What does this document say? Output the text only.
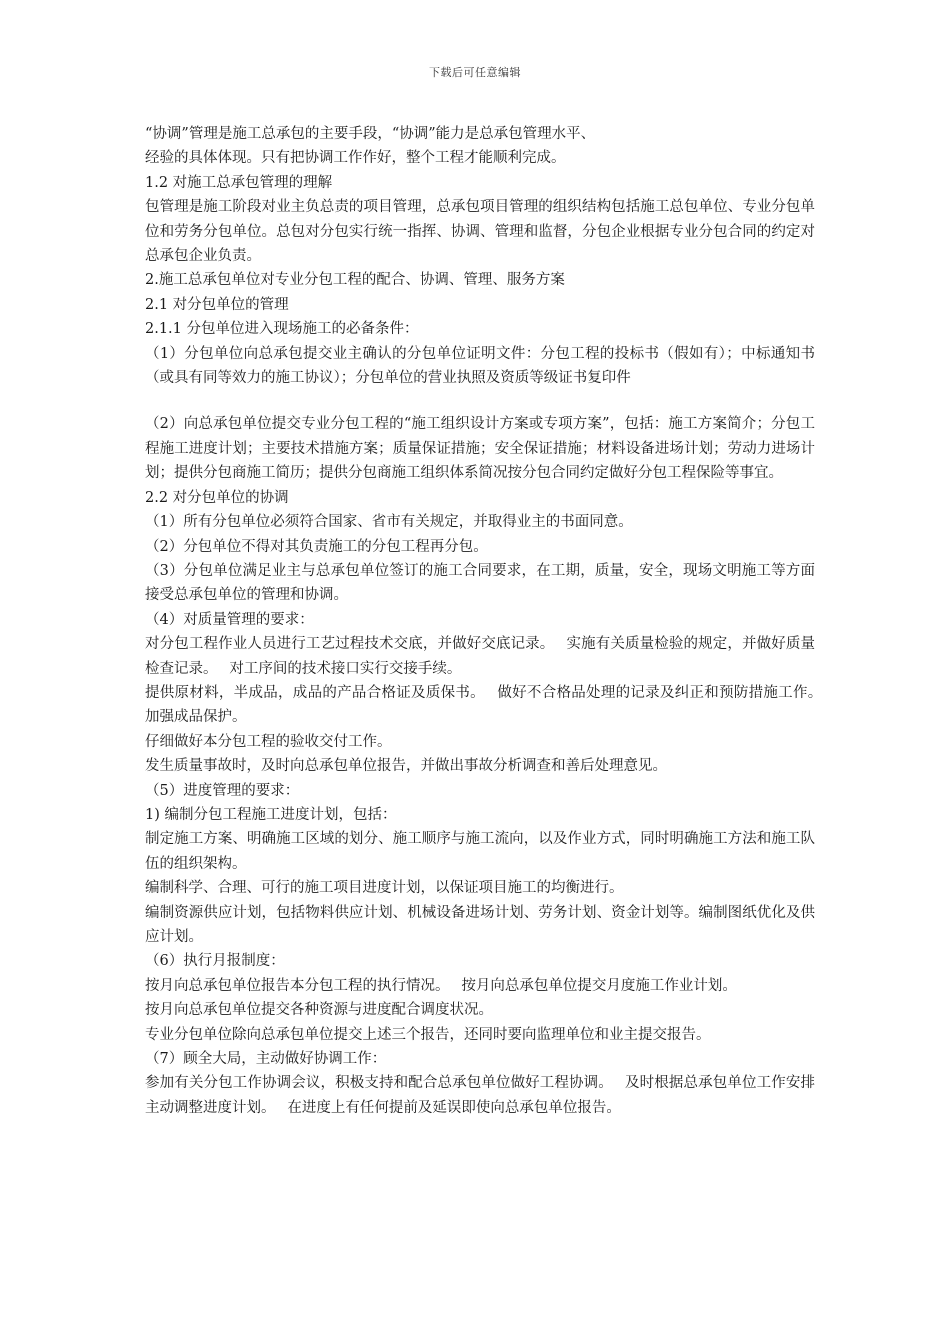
下载后可任意编辑

“协调”管理是施工总承包的主要手段，“协调”能力是总承包管理水平、

经验的具体体现。只有把协调工作作好，整个工程才能顺利完成。

1.2 对施工总承包管理的理解

包管理是施工阶段对业主负总责的项目管理，总承包项目管理的组织结构包括施工总包单位、专业分包单位和劳务分包单位。总包对分包实行统一指挥、协调、管理和监督，分包企业根据专业分包合同的约定对总承包企业负责。

2.施工总承包单位对专业分包工程的配合、协调、管理、服务方案

2.1 对分包单位的管理

2.1.1 分包单位进入现场施工的必备条件：

（1）分包单位向总承包提交业主确认的分包单位证明文件：分包工程的投标书（假如有）；中标通知书（或具有同等效力的施工协议）；分包单位的营业执照及资质等级证书复印件

（2）向总承包单位提交专业分包工程的“施工组织设计方案或专项方案”，包括：施工方案简介；分包工程施工进度计划；主要技术措施方案；质量保证措施；安全保证措施；材料设备进场计划；劳动力进场计划；提供分包商施工简历；提供分包商施工组织体系简况按分包合同约定做好分包工程保险等事宜。

2.2 对分包单位的协调

（1）所有分包单位必须符合国家、省市有关规定，并取得业主的书面同意。

（2）分包单位不得对其负责施工的分包工程再分包。

（3）分包单位满足业主与总承包单位签订的施工合同要求，在工期，质量，安全，现场文明施工等方面接受总承包单位的管理和协调。

（4）对质量管理的要求：

对分包工程作业人员进行工艺过程技术交底，并做好交底记录。　 实施有关质量检验的规定，并做好质量检查记录。　 对工序间的技术接口实行交接手续。

提供原材料，半成品，成品的产品合格证及质保书。　 做好不合格品处理的记录及纠正和预防措施工作。　 加强成品保护。

仔细做好本分包工程的验收交付工作。

发生质量事故时，及时向总承包单位报告，并做出事故分析调查和善后处理意见。

（5）进度管理的要求：

1) 编制分包工程施工进度计划，包括：

制定施工方案、明确施工区域的划分、施工顺序与施工流向，以及作业方式，同时明确施工方法和施工队伍的组织架构。

编制科学、合理、可行的施工项目进度计划，以保证项目施工的均衡进行。

编制资源供应计划，包括物料供应计划、机械设备进场计划、劳务计划、资金计划等。编制图纸优化及供应计划。

（6）执行月报制度：

按月向总承包单位报告本分包工程的执行情况。　 按月向总承包单位提交月度施工作业计划。

按月向总承包单位提交各种资源与进度配合调度状况。

专业分包单位除向总承包单位提交上述三个报告，还同时要向监理单位和业主提交报告。

（7）顾全大局，主动做好协调工作：

参加有关分包工作协调会议，积极支持和配合总承包单位做好工程协调。　 及时根据总承包单位工作安排主动调整进度计划。　 在进度上有任何提前及延误即使向总承包单位报告。
